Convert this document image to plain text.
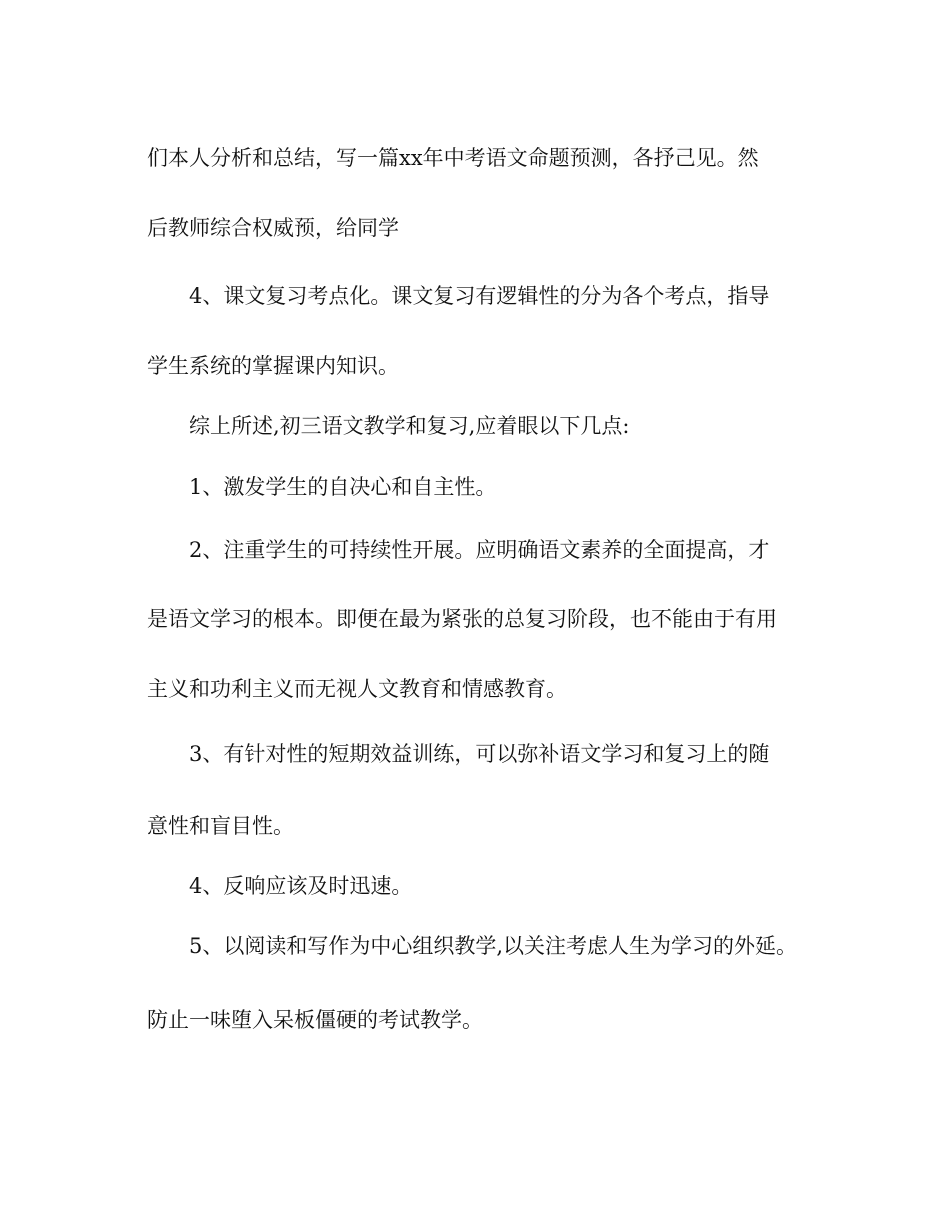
们本人分析和总结，写一篇xx年中考语文命题预测，各抒己见。然
后教师综合权威预，给同学
4、课文复习考点化。课文复习有逻辑性的分为各个考点，指导
学生系统的掌握课内知识。
综上所述,初三语文教学和复习,应着眼以下几点:
1、激发学生的自决心和自主性。
2、注重学生的可持续性开展。应明确语文素养的全面提高，才
是语文学习的根本。即便在最为紧张的总复习阶段，也不能由于有用
主义和功利主义而无视人文教育和情感教育。
3、有针对性的短期效益训练，可以弥补语文学习和复习上的随
意性和盲目性。
4、反响应该及时迅速。
5、以阅读和写作为中心组织教学,以关注考虑人生为学习的外延。
防止一味堕入呆板僵硬的考试教学。
